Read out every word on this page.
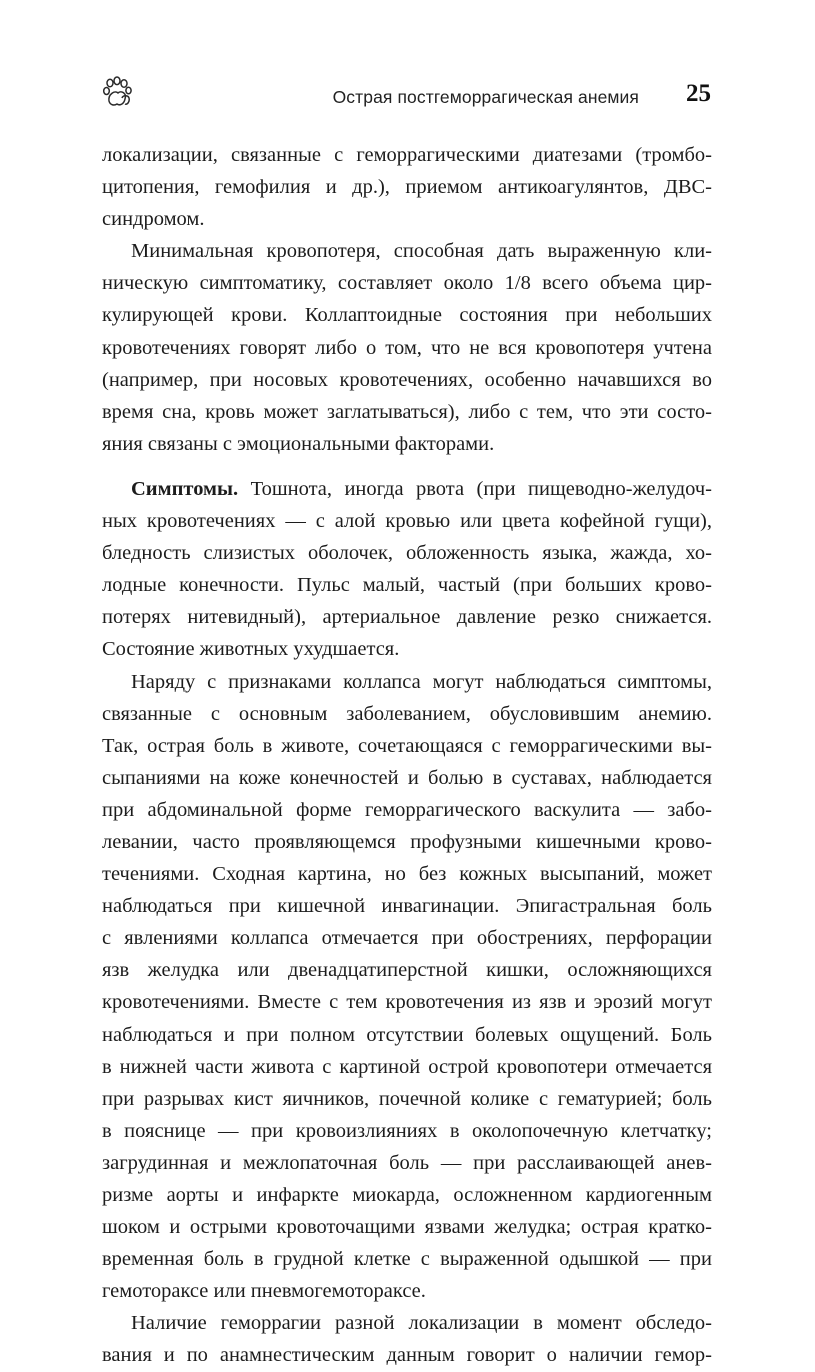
Острая постгеморрагическая анемия 25
локализации, связанные с геморрагическими диатезами (тромбо-
цитопения, гемофилия и др.), приемом антикоагулянтов, ДВС-
синдромом.
Минимальная кровопотеря, способная дать выраженную кли-
ническую симптоматику, составляет около 1/8 всего объема цир-
кулирующей крови. Коллаптоидные состояния при небольших
кровотечениях говорят либо о том, что не вся кровопотеря учтена
(например, при носовых кровотечениях, особенно начавшихся во
время сна, кровь может заглатываться), либо с тем, что эти состо-
яния связаны с эмоциональными факторами.
Симптомы. Тошнота, иногда рвота (при пищеводно-желудоч-
ных кровотечениях — с алой кровью или цвета кофейной гущи),
бледность слизистых оболочек, обложенность языка, жажда, хо-
лодные конечности. Пульс малый, частый (при больших крово-
потерях нитевидный), артериальное давление резко снижается.
Состояние животных ухудшается.
Наряду с признаками коллапса могут наблюдаться симптомы,
связанные с основным заболеванием, обусловившим анемию.
Так, острая боль в животе, сочетающаяся с геморрагическими вы-
сыпаниями на коже конечностей и болью в суставах, наблюдается
при абдоминальной форме геморрагического васкулита — забо-
левании, часто проявляющемся профузными кишечными крово-
течениями. Сходная картина, но без кожных высыпаний, может
наблюдаться при кишечной инвагинации. Эпигастральная боль
с явлениями коллапса отмечается при обострениях, перфорации
язв желудка или двенадцатиперстной кишки, осложняющихся
кровотечениями. Вместе с тем кровотечения из язв и эрозий могут
наблюдаться и при полном отсутствии болевых ощущений. Боль
в нижней части живота с картиной острой кровопотери отмечается
при разрывах кист яичников, почечной колике с гематурией; боль
в пояснице — при кровоизлияниях в околопочечную клетчатку;
загрудинная и межлопаточная боль — при расслаивающей анев-
ризме аорты и инфаркте миокарда, осложненном кардиогенным
шоком и острыми кровоточащими язвами желудка; острая кратко-
временная боль в грудной клетке с выраженной одышкой — при
гемотораксе или пневмогемотораксе.
Наличие геморрагии разной локализации в момент обследо-
вания и по анамнестическим данным говорит о наличии гемор-
